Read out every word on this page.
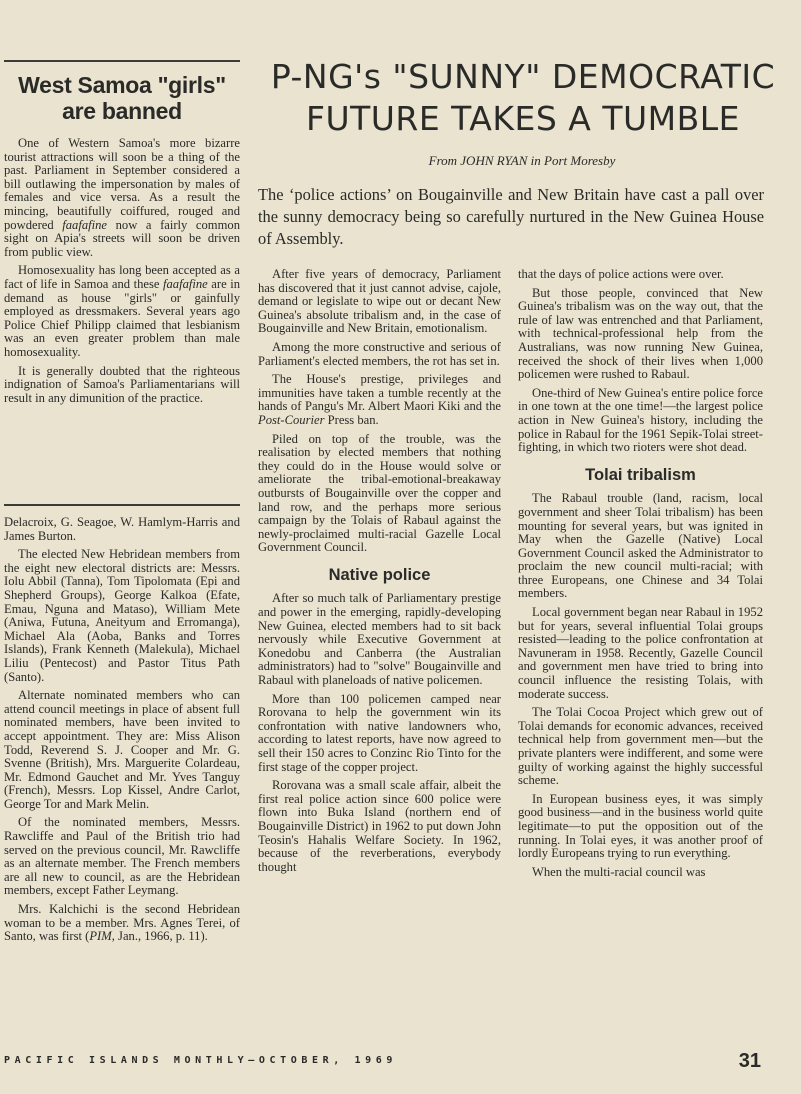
West Samoa "girls" are banned

One of Western Samoa's more bizarre tourist attractions will soon be a thing of the past. Parliament in September considered a bill outlawing the impersonation by males of females and vice versa. As a result the mincing, beautifully coiffured, rouged and powdered faafafine now a fairly common sight on Apia's streets will soon be driven from public view.

Homosexuality has long been accepted as a fact of life in Samoa and these faafafine are in demand as house "girls" or gainfully employed as dressmakers. Several years ago Police Chief Philipp claimed that lesbianism was an even greater problem than male homosexuality.

It is generally doubted that the righteous indignation of Samoa's Parliamentarians will result in any dimunition of the practice.

Delacroix, G. Seagoe, W. Hamlym-Harris and James Burton.

The elected New Hebridean members from the eight new electoral districts are: Messrs. Iolu Abbil (Tanna), Tom Tipolomata (Epi and Shepherd Groups), George Kalkoa (Efate, Emau, Nguna and Mataso), William Mete (Aniwa, Futuna, Aneityum and Erromanga), Michael Ala (Aoba, Banks and Torres Islands), Frank Kenneth (Malekula), Michael Liliu (Pentecost) and Pastor Titus Path (Santo).

Alternate nominated members who can attend council meetings in place of absent full nominated members, have been invited to accept appointment. They are: Miss Alison Todd, Reverend S. J. Cooper and Mr. G. Svenne (British), Mrs. Marguerite Colardeau, Mr. Edmond Gauchet and Mr. Yves Tanguy (French), Messrs. Lop Kissel, Andre Carlot, George Tor and Mark Melin.

Of the nominated members, Messrs. Rawcliffe and Paul of the British trio had served on the previous council, Mr. Rawcliffe as an alternate member. The French members are all new to council, as are the Hebridean members, except Father Leymang.

Mrs. Kalchichi is the second Hebridean woman to be a member. Mrs. Agnes Terei, of Santo, was first (PIM, Jan., 1966, p. 11).

P-NG's "SUNNY" DEMOCRATIC
FUTURE TAKES A TUMBLE
From JOHN RYAN in Port Moresby
The ‘police actions’ on Bougainville and New Britain have cast a pall over the sunny democracy being so carefully nurtured in the New Guinea House of Assembly.

After five years of democracy, Parliament has discovered that it just cannot advise, cajole, demand or legislate to wipe out or decant New Guinea's absolute tribalism and, in the case of Bougainville and New Britain, emotionalism.

Among the more constructive and serious of Parliament's elected members, the rot has set in.

The House's prestige, privileges and immunities have taken a tumble recently at the hands of Pangu's Mr. Albert Maori Kiki and the Post-Courier Press ban.

Piled on top of the trouble, was the realisation by elected members that nothing they could do in the House would solve or ameliorate the tribal-emotional-breakaway outbursts of Bougainville over the copper and land row, and the perhaps more serious campaign by the Tolais of Rabaul against the newly-proclaimed multi-racial Gazelle Local Government Council.

Native police

After so much talk of Parliamentary prestige and power in the emerging, rapidly-developing New Guinea, elected members had to sit back nervously while Executive Government at Konedobu and Canberra (the Australian administrators) had to "solve" Bougainville and Rabaul with planeloads of native policemen.

More than 100 policemen camped near Rorovana to help the government win its confrontation with native landowners who, according to latest reports, have now agreed to sell their 150 acres to Conzinc Rio Tinto for the first stage of the copper project.

Rorovana was a small scale affair, albeit the first real police action since 600 police were flown into Buka Island (northern end of Bougainville District) in 1962 to put down John Teosin's Hahalis Welfare Society. In 1962, because of the reverberations, everybody thought

that the days of police actions were over.

But those people, convinced that New Guinea's tribalism was on the way out, that the rule of law was entrenched and that Parliament, with technical-professional help from the Australians, was now running New Guinea, received the shock of their lives when 1,000 policemen were rushed to Rabaul.

One-third of New Guinea's entire police force in one town at the one time!—the largest police action in New Guinea's history, including the police in Rabaul for the 1961 Sepik-Tolai street-fighting, in which two rioters were shot dead.

Tolai tribalism

The Rabaul trouble (land, racism, local government and sheer Tolai tribalism) has been mounting for several years, but was ignited in May when the Gazelle (Native) Local Government Council asked the Administrator to proclaim the new council multi-racial; with three Europeans, one Chinese and 34 Tolai members.

Local government began near Rabaul in 1952 but for years, several influential Tolai groups resisted—leading to the police confrontation at Navuneram in 1958. Recently, Gazelle Council and government men have tried to bring into council influence the resisting Tolais, with moderate success.

The Tolai Cocoa Project which grew out of Tolai demands for economic advances, received technical help from government men—but the private planters were indifferent, and some were guilty of working against the highly successful scheme.

In European business eyes, it was simply good business—and in the business world quite legitimate—to put the opposition out of the running. In Tolai eyes, it was another proof of lordly Europeans trying to run everything.

When the multi-racial council was

PACIFIC ISLANDS MONTHLY—OCTOBER, 1969	31
